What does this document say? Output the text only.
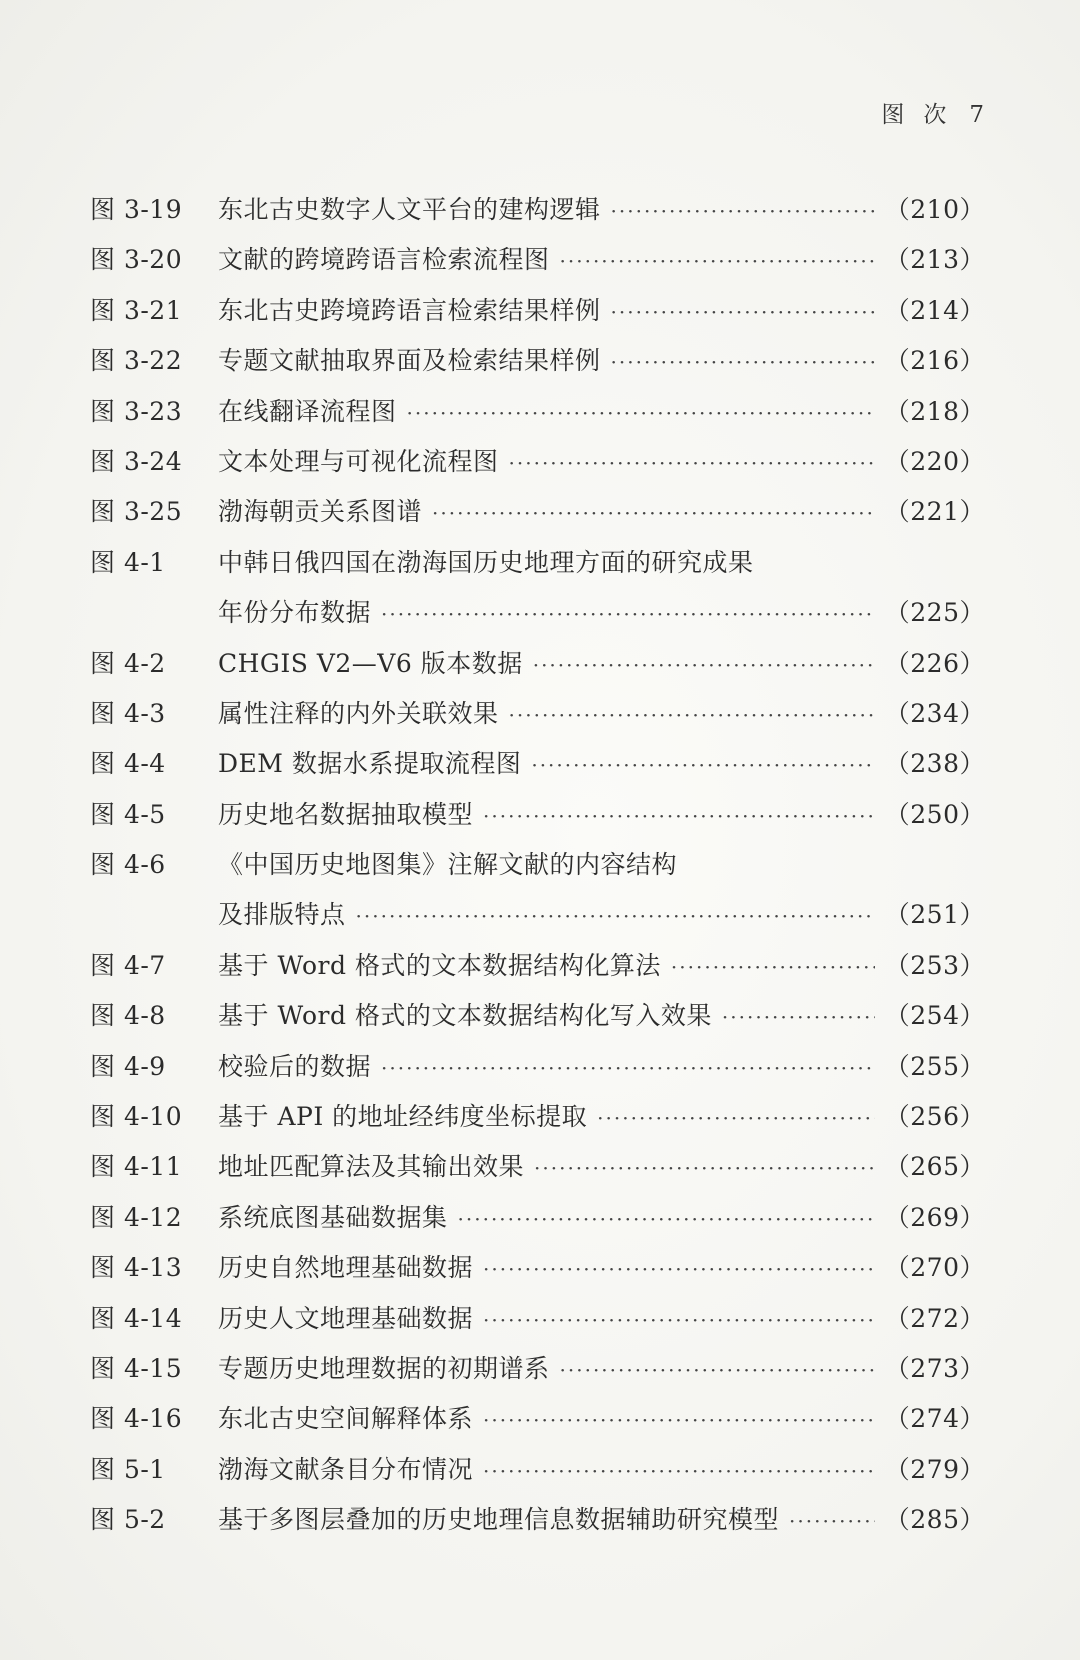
图 次 7
图 3-19	东北古史数字人文平台的建构逻辑 ·····	（210）
图 3-20	文献的跨境跨语言检索流程图 ·····	（213）
图 3-21	东北古史跨境跨语言检索结果样例 ·····	（214）
图 3-22	专题文献抽取界面及检索结果样例 ·····	（216）
图 3-23	在线翻译流程图 ·····	（218）
图 3-24	文本处理与可视化流程图 ·····	（220）
图 3-25	渤海朝贡关系图谱 ·····	（221）
图 4-1	中韩日俄四国在渤海国历史地理方面的研究成果
年份分布数据 ·····	（225）
图 4-2	CHGIS V2—V6 版本数据 ·····	（226）
图 4-3	属性注释的内外关联效果 ·····	（234）
图 4-4	DEM 数据水系提取流程图 ·····	（238）
图 4-5	历史地名数据抽取模型 ·····	（250）
图 4-6	《中国历史地图集》注解文献的内容结构
及排版特点 ·····	（251）
图 4-7	基于 Word 格式的文本数据结构化算法 ·····	（253）
图 4-8	基于 Word 格式的文本数据结构化写入效果 ·····	（254）
图 4-9	校验后的数据 ·····	（255）
图 4-10	基于 API 的地址经纬度坐标提取 ·····	（256）
图 4-11	地址匹配算法及其输出效果 ·····	（265）
图 4-12	系统底图基础数据集 ·····	（269）
图 4-13	历史自然地理基础数据 ·····	（270）
图 4-14	历史人文地理基础数据 ·····	（272）
图 4-15	专题历史地理数据的初期谱系 ·····	（273）
图 4-16	东北古史空间解释体系 ·····	（274）
图 5-1	渤海文献条目分布情况 ·····	（279）
图 5-2	基于多图层叠加的历史地理信息数据辅助研究模型 ·····	（285）
